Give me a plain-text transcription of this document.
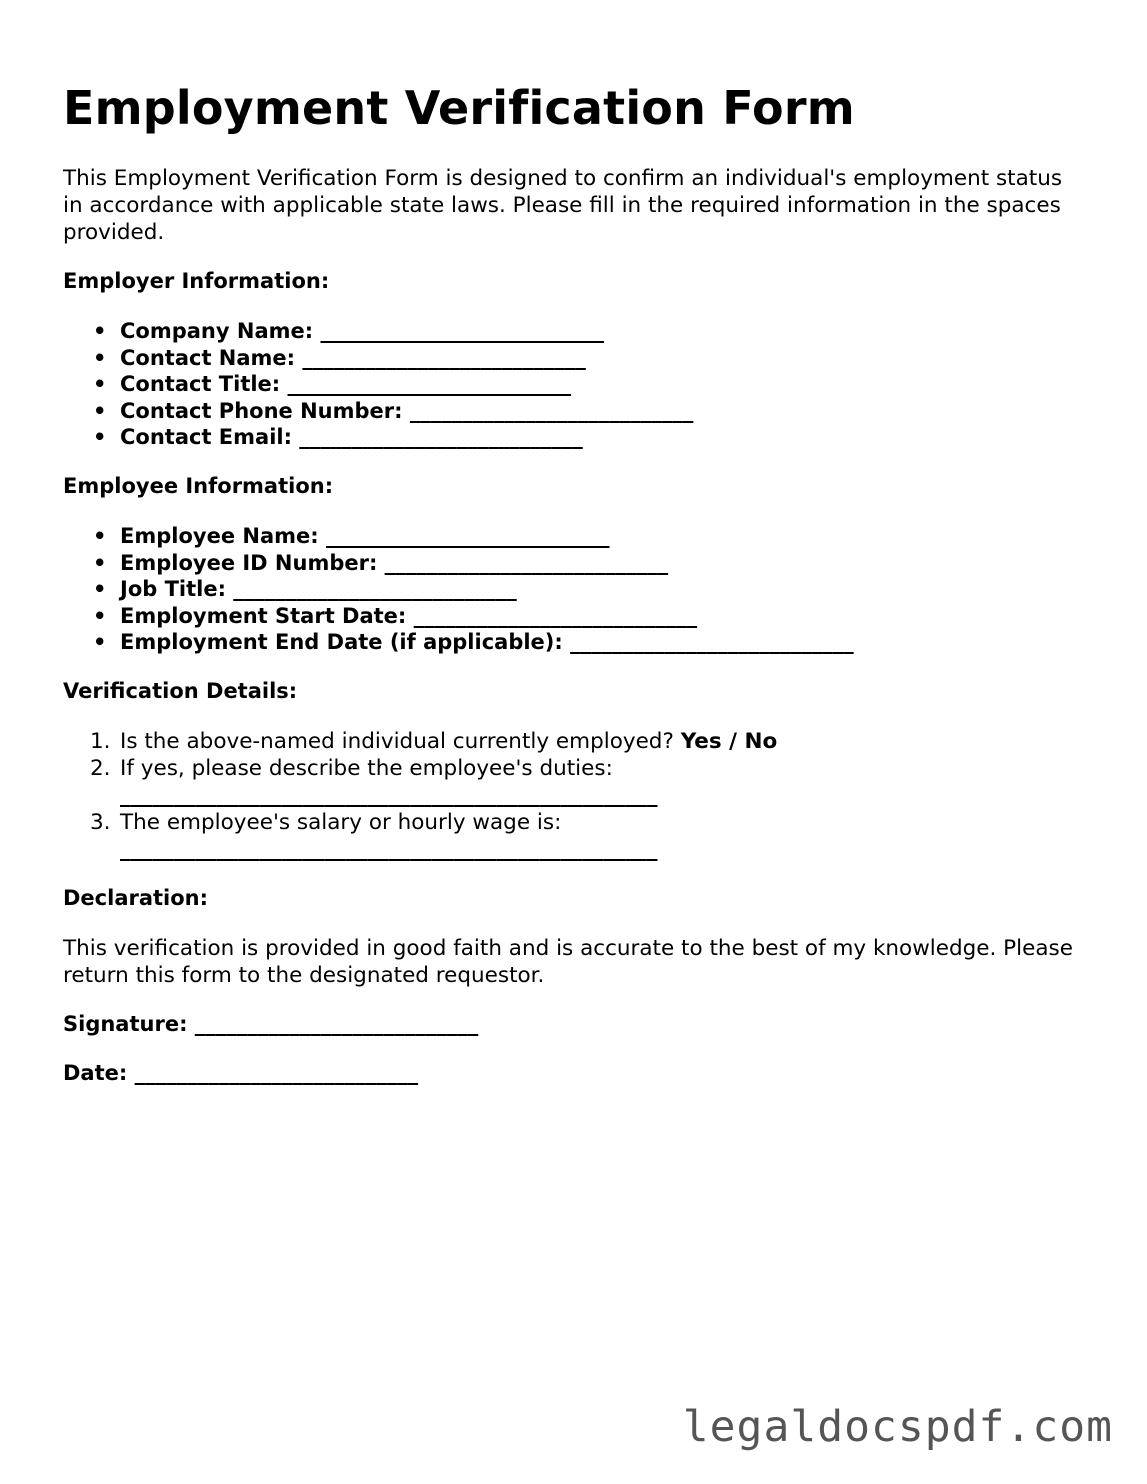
Employment Verification Form

This Employment Verification Form is designed to confirm an individual's employment status in accordance with applicable state laws. Please fill in the required information in the spaces provided.

Employer Information:
• Company Name: ___________________________
• Contact Name: ___________________________
• Contact Title: ___________________________
• Contact Phone Number: ___________________________
• Contact Email: ___________________________
Employee Information:
• Employee Name: ___________________________
• Employee ID Number: ___________________________
• Job Title: ___________________________
• Employment Start Date: ___________________________
• Employment End Date (if applicable): ___________________________
Verification Details:
1. Is the above-named individual currently employed? Yes / No
2. If yes, please describe the employee's duties:
__________________________________________________
3. The employee's salary or hourly wage is:
__________________________________________________
Declaration:

This verification is provided in good faith and is accurate to the best of my knowledge. Please return this form to the designated requestor.

Signature: ___________________________
Date: ___________________________
legaldocspdf.com
